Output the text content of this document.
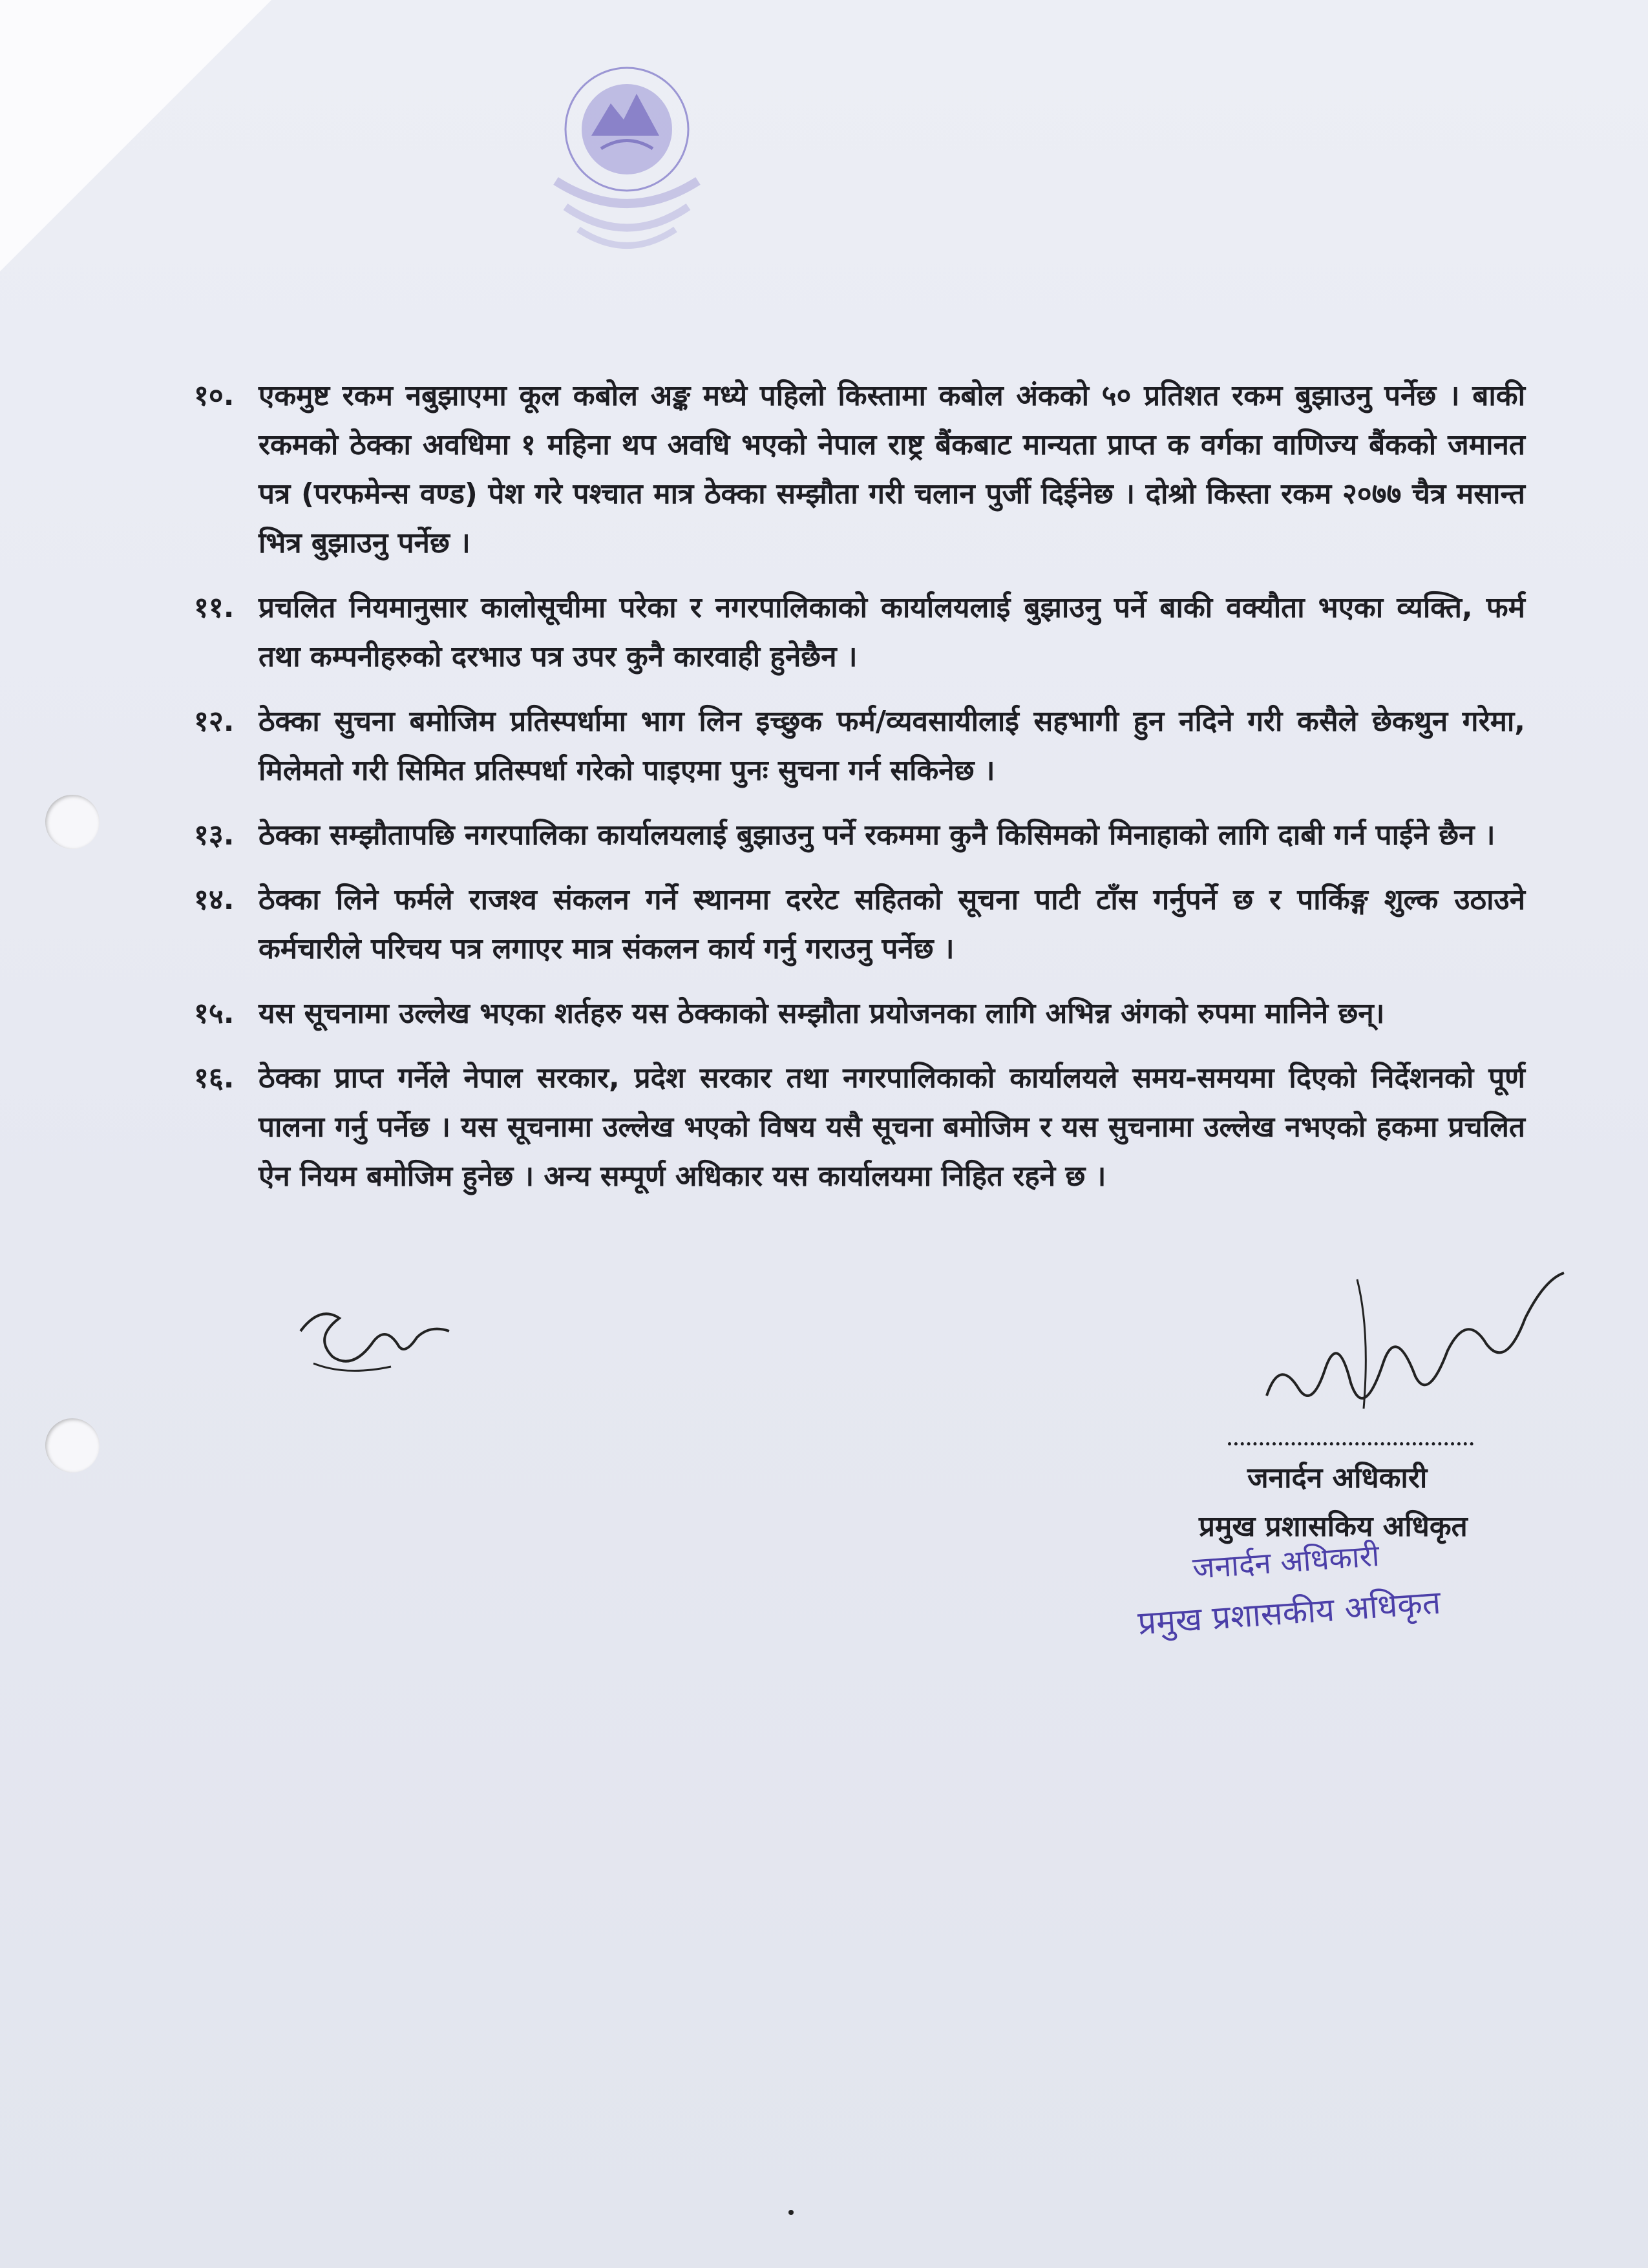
१०. एकमुष्ट रकम नबुझाएमा कूल कबोल अङ्क मध्ये पहिलो किस्तामा कबोल अंकको ५० प्रतिशत रकम बुझाउनु पर्नेछ । बाकी रकमको ठेक्का अवधिमा १ महिना थप अवधि भएको नेपाल राष्ट्र बैंकबाट मान्यता प्राप्त क वर्गका वाणिज्य बैंकको जमानत पत्र (परफमेन्स वण्ड) पेश गरे पश्चात मात्र ठेक्का सम्झौता गरी चलान पुर्जी दिईनेछ । दोश्रो किस्ता रकम २०७७ चैत्र मसान्त भित्र बुझाउनु पर्नेछ ।
११. प्रचलित नियमानुसार कालोसूचीमा परेका र नगरपालिकाको कार्यालयलाई बुझाउनु पर्ने बाकी वक्यौता भएका व्यक्ति, फर्म तथा कम्पनीहरुको दरभाउ पत्र उपर कुनै कारवाही हुनेछैन ।
१२. ठेक्का सुचना बमोजिम प्रतिस्पर्धामा भाग लिन इच्छुक फर्म/व्यवसायीलाई सहभागी हुन नदिने गरी कसैले छेकथुन गरेमा, मिलेमतो गरी सिमित प्रतिस्पर्धा गरेको पाइएमा पुनः सुचना गर्न सकिनेछ ।
१३. ठेक्का सम्झौतापछि नगरपालिका कार्यालयलाई बुझाउनु पर्ने रकममा कुनै किसिमको मिनाहाको लागि दाबी गर्न पाईने छैन ।
१४. ठेक्का लिने फर्मले राजश्व संकलन गर्ने स्थानमा दररेट सहितको सूचना पाटी टाँस गर्नुपर्ने छ र पार्किङ्ग शुल्क उठाउने कर्मचारीले परिचय पत्र लगाएर मात्र संकलन कार्य गर्नु गराउनु पर्नेछ ।
१५. यस सूचनामा उल्लेख भएका शर्तहरु यस ठेक्काको सम्झौता प्रयोजनका लागि अभिन्न अंगको रुपमा मानिने छन्।
१६. ठेक्का प्राप्त गर्नेले नेपाल सरकार, प्रदेश सरकार तथा नगरपालिकाको कार्यालयले समय-समयमा दिएको निर्देशनको पूर्ण पालना गर्नु पर्नेछ । यस सूचनामा उल्लेख भएको विषय यसै सूचना बमोजिम र यस सुचनामा उल्लेख नभएको हकमा प्रचलित ऐन नियम बमोजिम हुनेछ । अन्य सम्पूर्ण अधिकार यस कार्यालयमा निहित रहने छ ।
जनार्दन अधिकारी
प्रमुख प्रशासकिय अधिकृत
जनार्दन अधिकारी
प्रमुख प्रशासकीय अधिकृत
